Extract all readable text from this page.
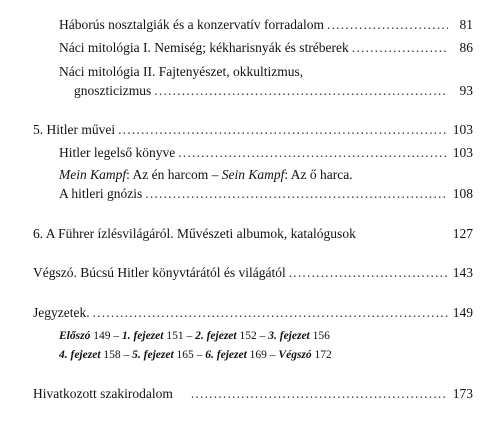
Háborús nosztalgiák és a konzervatív forradalom .....	81
Náci mitológia I. Nemiség; kékharisnyák és stréberek .....	86
Náci mitológia II. Fajtenyészet, okkultizmus,
gnoszticizmus .....	93
5. Hitler művei .....	103
Hitler legelső könyve .....	103
Mein Kampf: Az én harcom – Sein Kampf: Az ő harca.
A hitleri gnózis .....	108
6. A Führer ízlésvilágáról. Művészeti albumok, katalógusok	127
Végszó. Búcsú Hitler könyvtárától és világától .....	143
Jegyzetek. .....	149
Előszó 149 – 1. fejezet 151 – 2. fejezet 152 – 3. fejezet 156
4. fejezet 158 – 5. fejezet 165 – 6. fejezet 169 – Végszó 172
Hivatkozott szakirodalom .....	173
